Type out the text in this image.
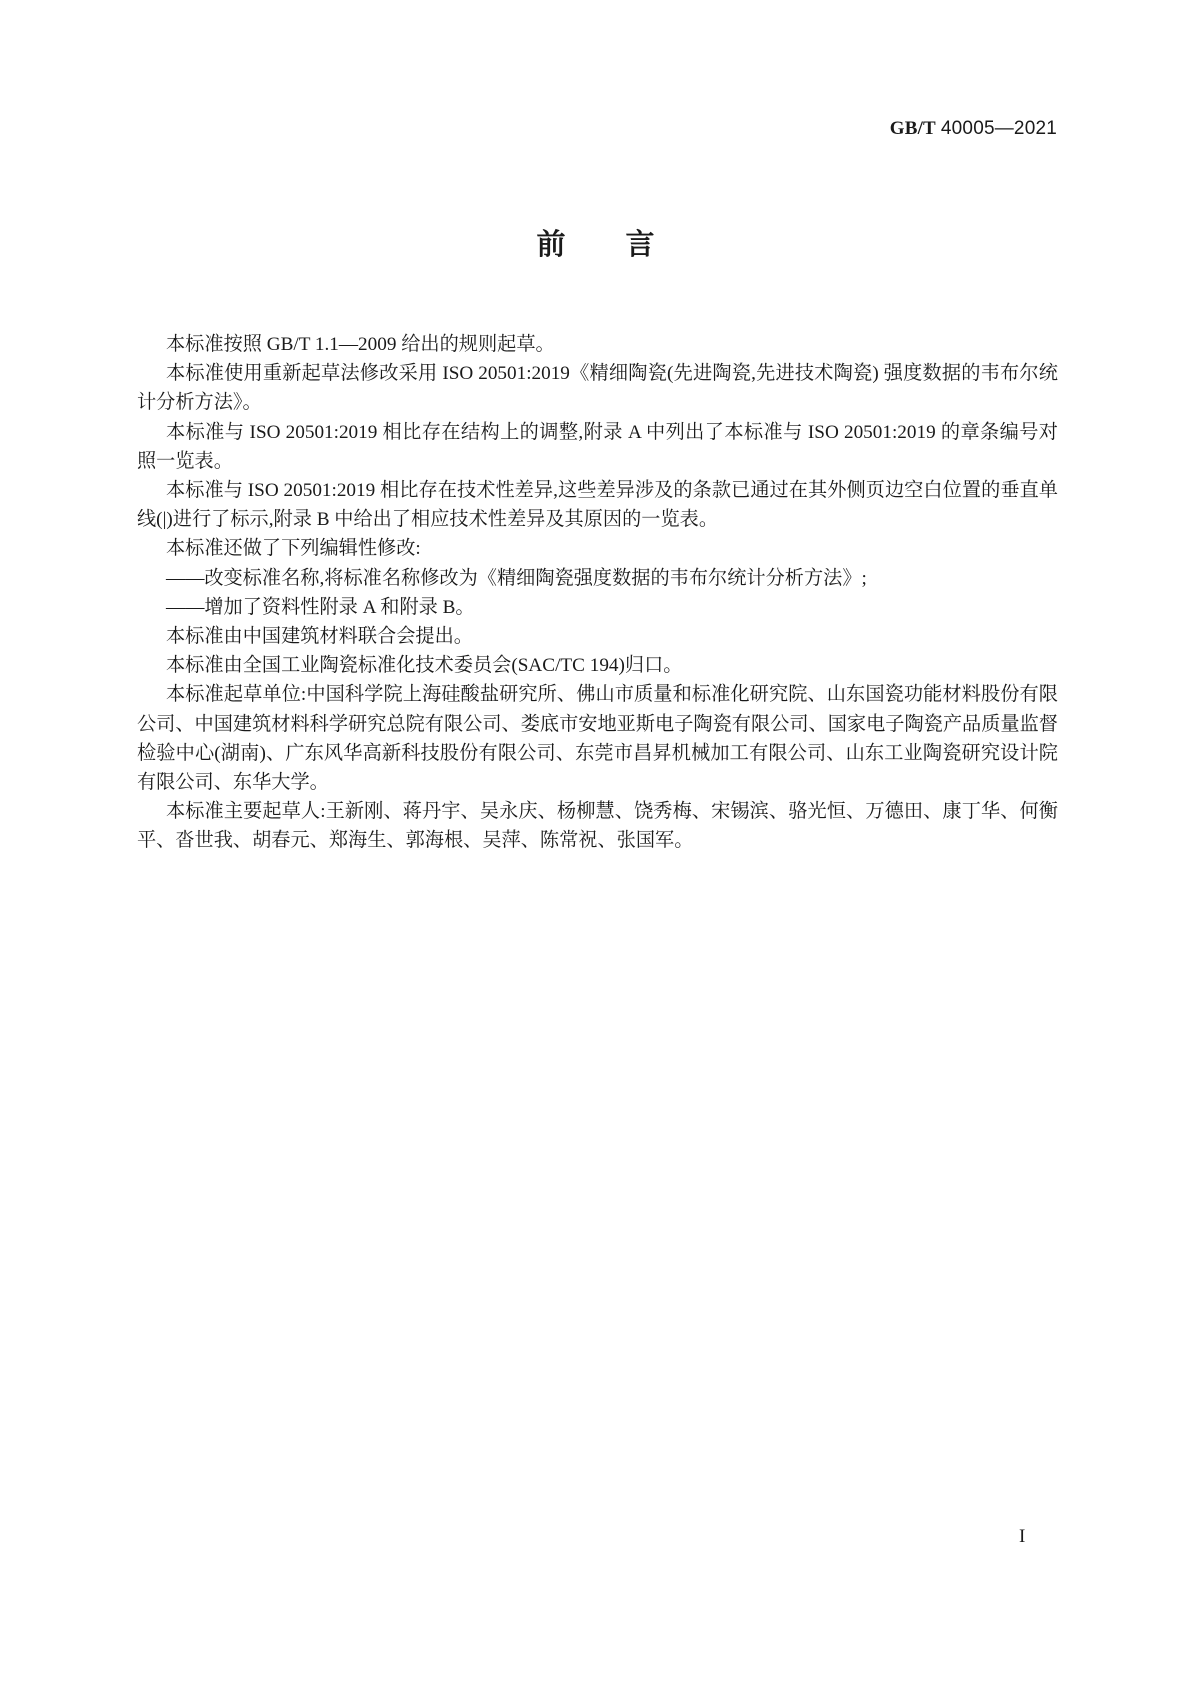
GB/T 40005—2021
前言

本标准按照 GB/T 1.1—2009 给出的规则起草。

本标准使用重新起草法修改采用 ISO 20501:2019《精细陶瓷(先进陶瓷,先进技术陶瓷) 强度数据的韦布尔统计分析方法》。

本标准与 ISO 20501:2019 相比存在结构上的调整,附录 A 中列出了本标准与 ISO 20501:2019 的章条编号对照一览表。

本标准与 ISO 20501:2019 相比存在技术性差异,这些差异涉及的条款已通过在其外侧页边空白位置的垂直单线(|)进行了标示,附录 B 中给出了相应技术性差异及其原因的一览表。

本标准还做了下列编辑性修改:

——改变标准名称,将标准名称修改为《精细陶瓷强度数据的韦布尔统计分析方法》;

——增加了资料性附录 A 和附录 B。

本标准由中国建筑材料联合会提出。

本标准由全国工业陶瓷标准化技术委员会(SAC/TC 194)归口。

本标准起草单位:中国科学院上海硅酸盐研究所、佛山市质量和标准化研究院、山东国瓷功能材料股份有限公司、中国建筑材料科学研究总院有限公司、娄底市安地亚斯电子陶瓷有限公司、国家电子陶瓷产品质量监督检验中心(湖南)、广东风华高新科技股份有限公司、东莞市昌昇机械加工有限公司、山东工业陶瓷研究设计院有限公司、东华大学。

本标准主要起草人:王新刚、蒋丹宇、吴永庆、杨柳慧、饶秀梅、宋锡滨、骆光恒、万德田、康丁华、何衡平、沓世我、胡春元、郑海生、郭海根、吴萍、陈常祝、张国军。

I
